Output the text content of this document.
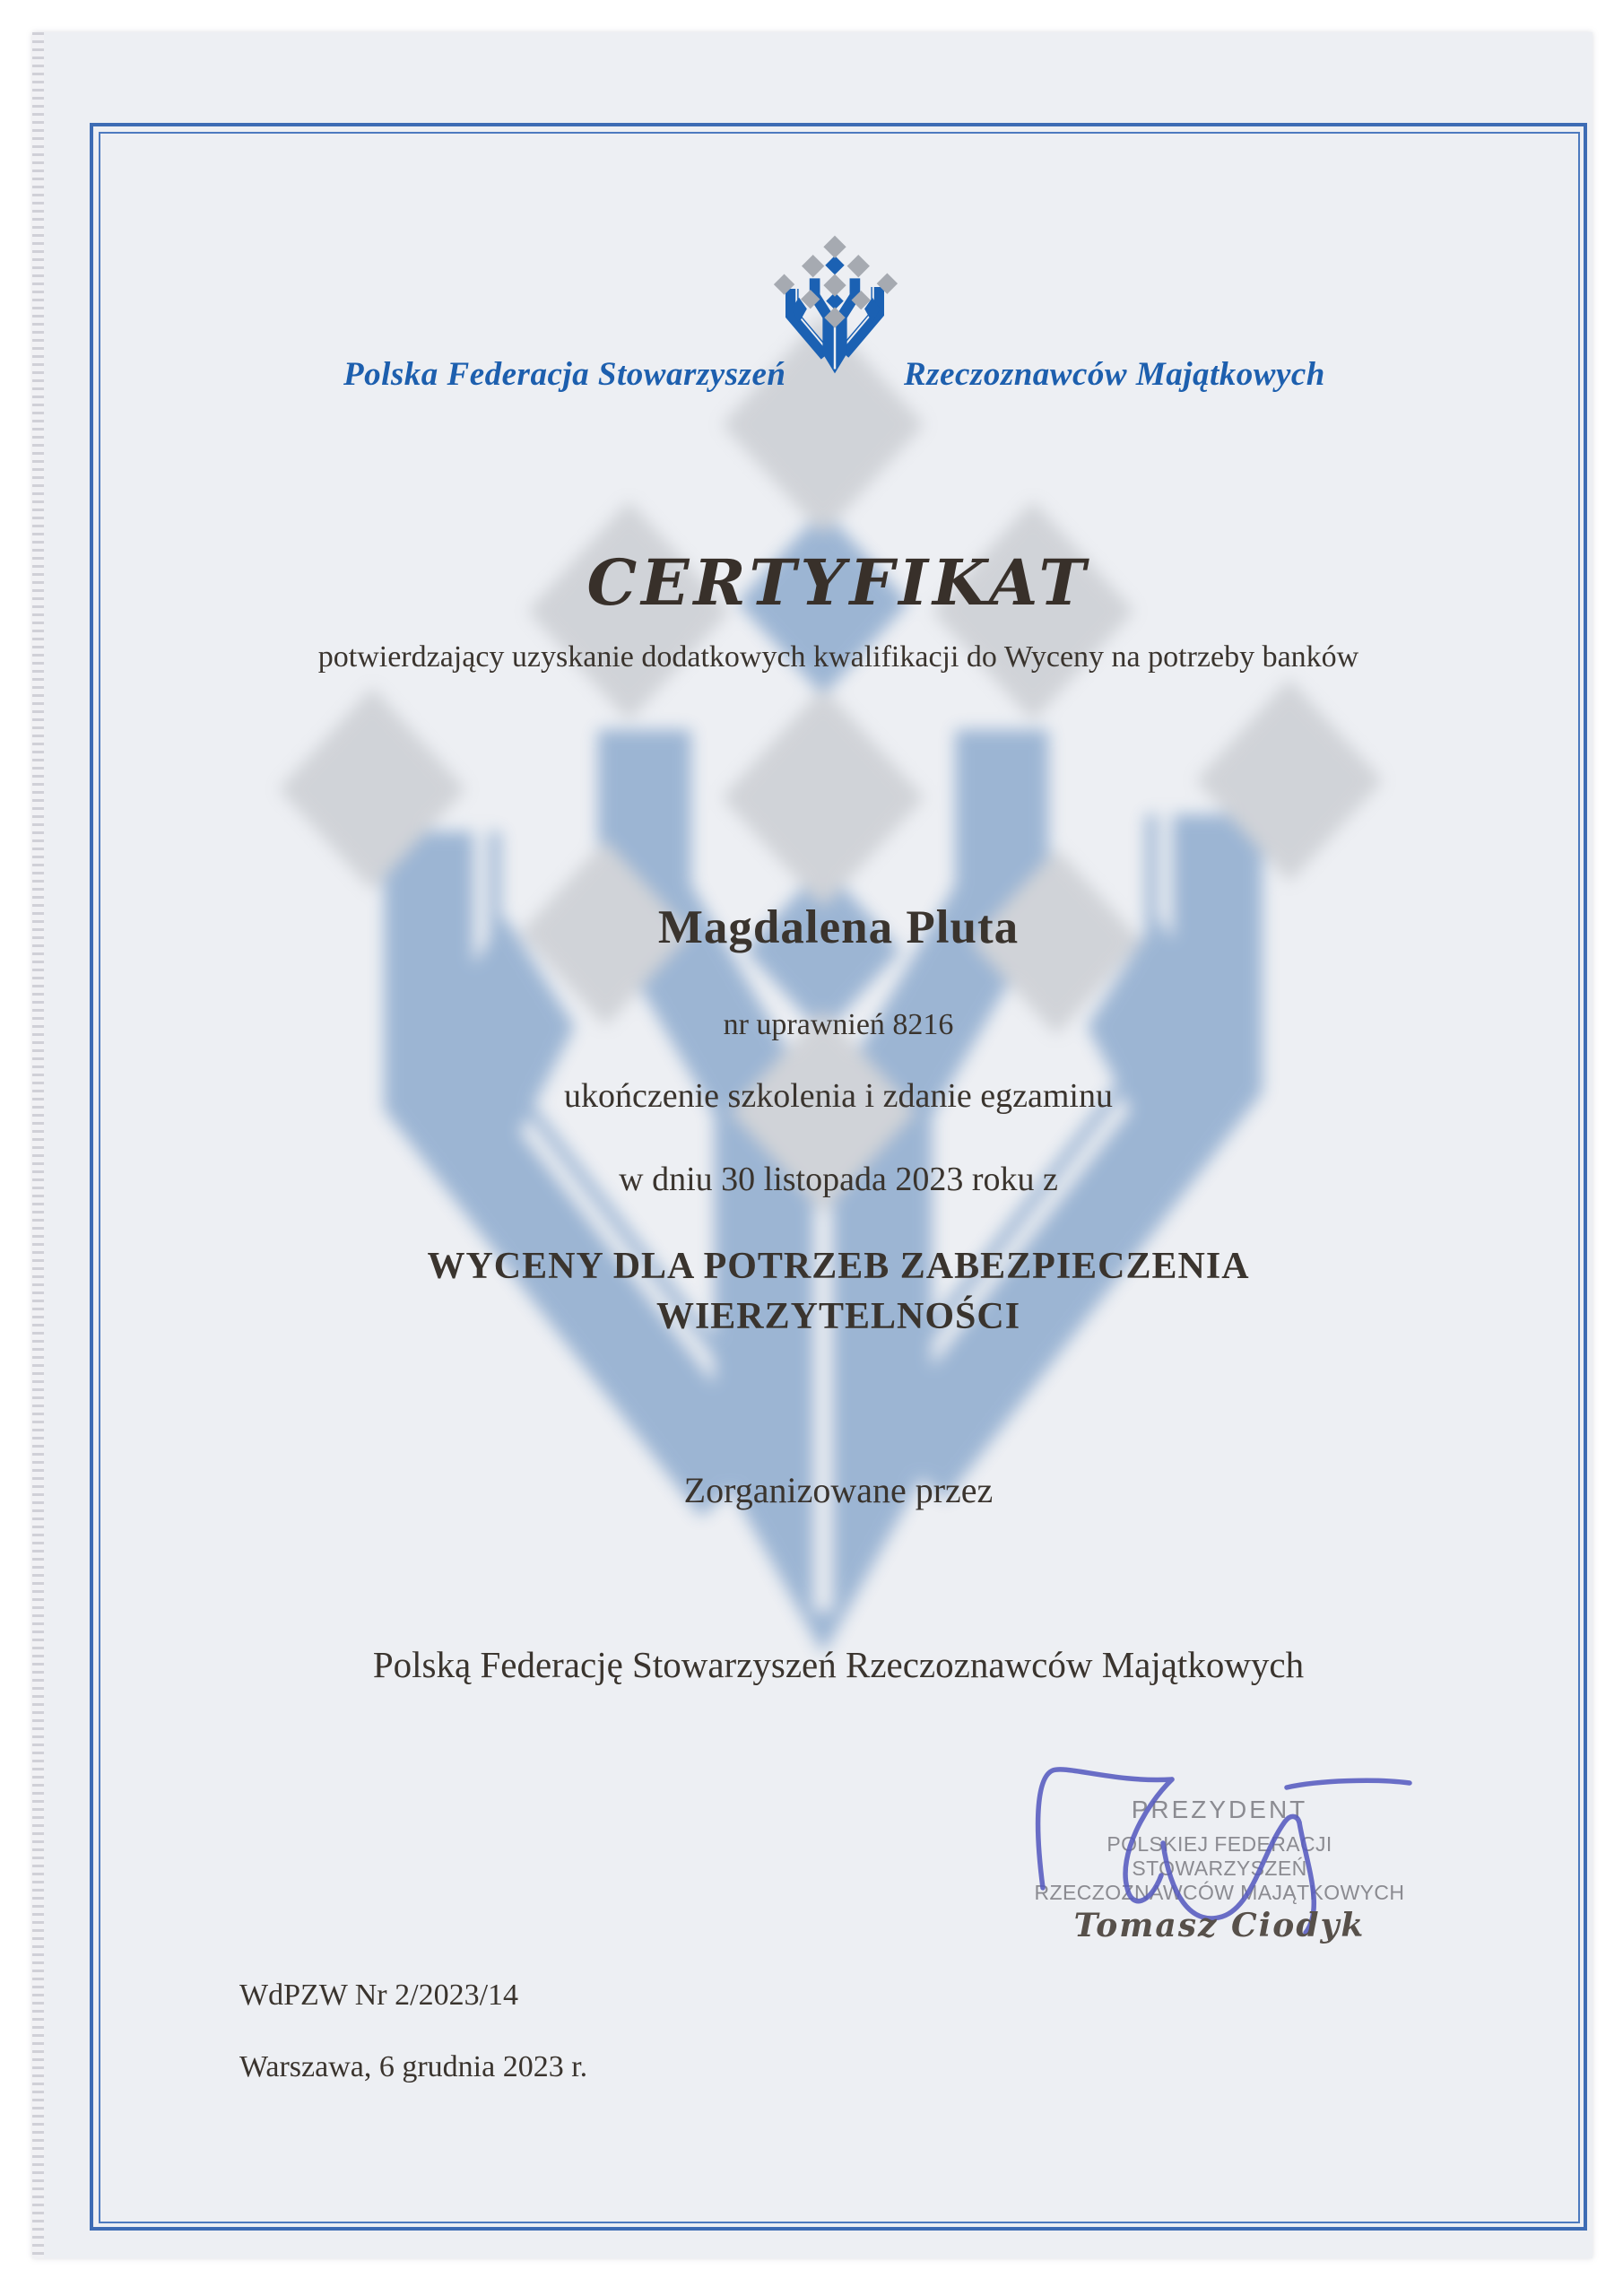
Polska Federacja Stowarzyszeń	Rzeczoznawców Majątkowych
CERTYFIKAT
potwierdzający uzyskanie dodatkowych kwalifikacji do Wyceny na potrzeby banków
Magdalena Pluta
nr uprawnień 8216
ukończenie szkolenia i zdanie egzaminu
w dniu 30 listopada 2023 roku z
WYCENY DLA POTRZEB ZABEZPIECZENIA
WIERZYTELNOŚCI
Zorganizowane przez
Polską Federację Stowarzyszeń Rzeczoznawców Majątkowych
PREZYDENT
POLSKIEJ FEDERACJI STOWARZYSZEŃ
RZECZOZNAWCÓW MAJĄTKOWYCH
Tomasz Ciodyk
WdPZW Nr 2/2023/14
Warszawa, 6 grudnia 2023 r.
